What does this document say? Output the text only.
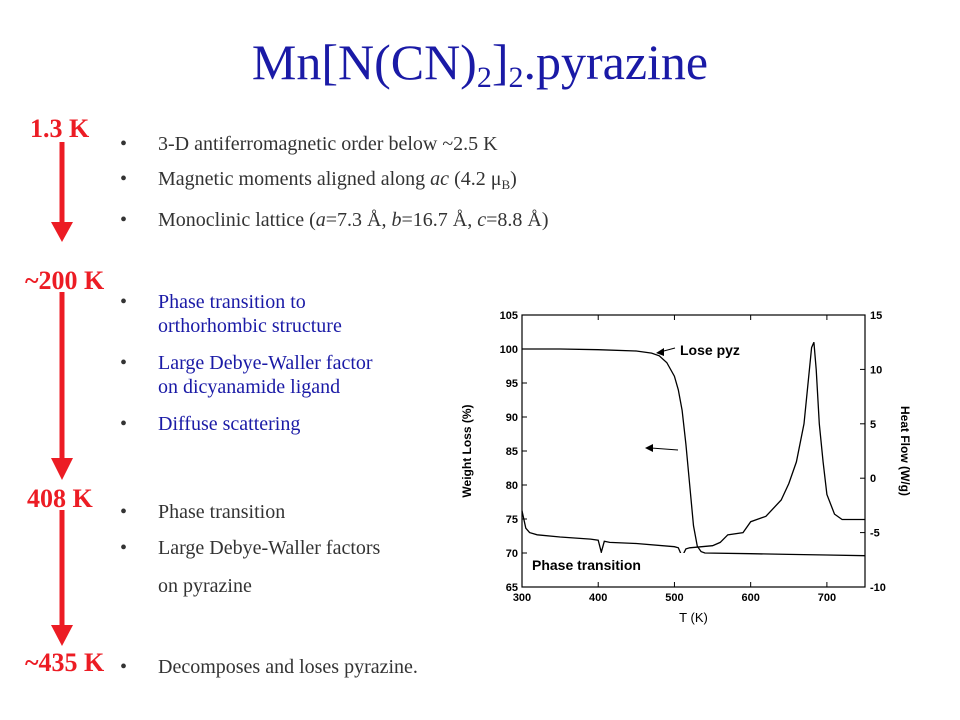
$Mn[N(CN)_2]_2.pyrazine$
1.3 K
~200 K
408 K
~435 K
• 3-D antiferromagnetic order below ~2.5 K
• Magnetic moments aligned along ac (4.2 $\mu_B$)
• Monoclinic lattice (a=7.3 Å, b=16.7 Å, c=8.8 Å)
• Phase transition to
orthorhombic structure
• Large Debye-Waller factor
on dicyanamide ligand
• Diffuse scattering
• Phase transition
• Large Debye-Waller factors
on pyrazine
• Decomposes and loses pyrazine.
300	400	500	600	700
65
70
75
80
85
90
95
100
105
-10
-5
0
5
10
15
T (K)
Weight Loss (%)	Heat Flow (W/g)
Lose pyz
Phase transition
